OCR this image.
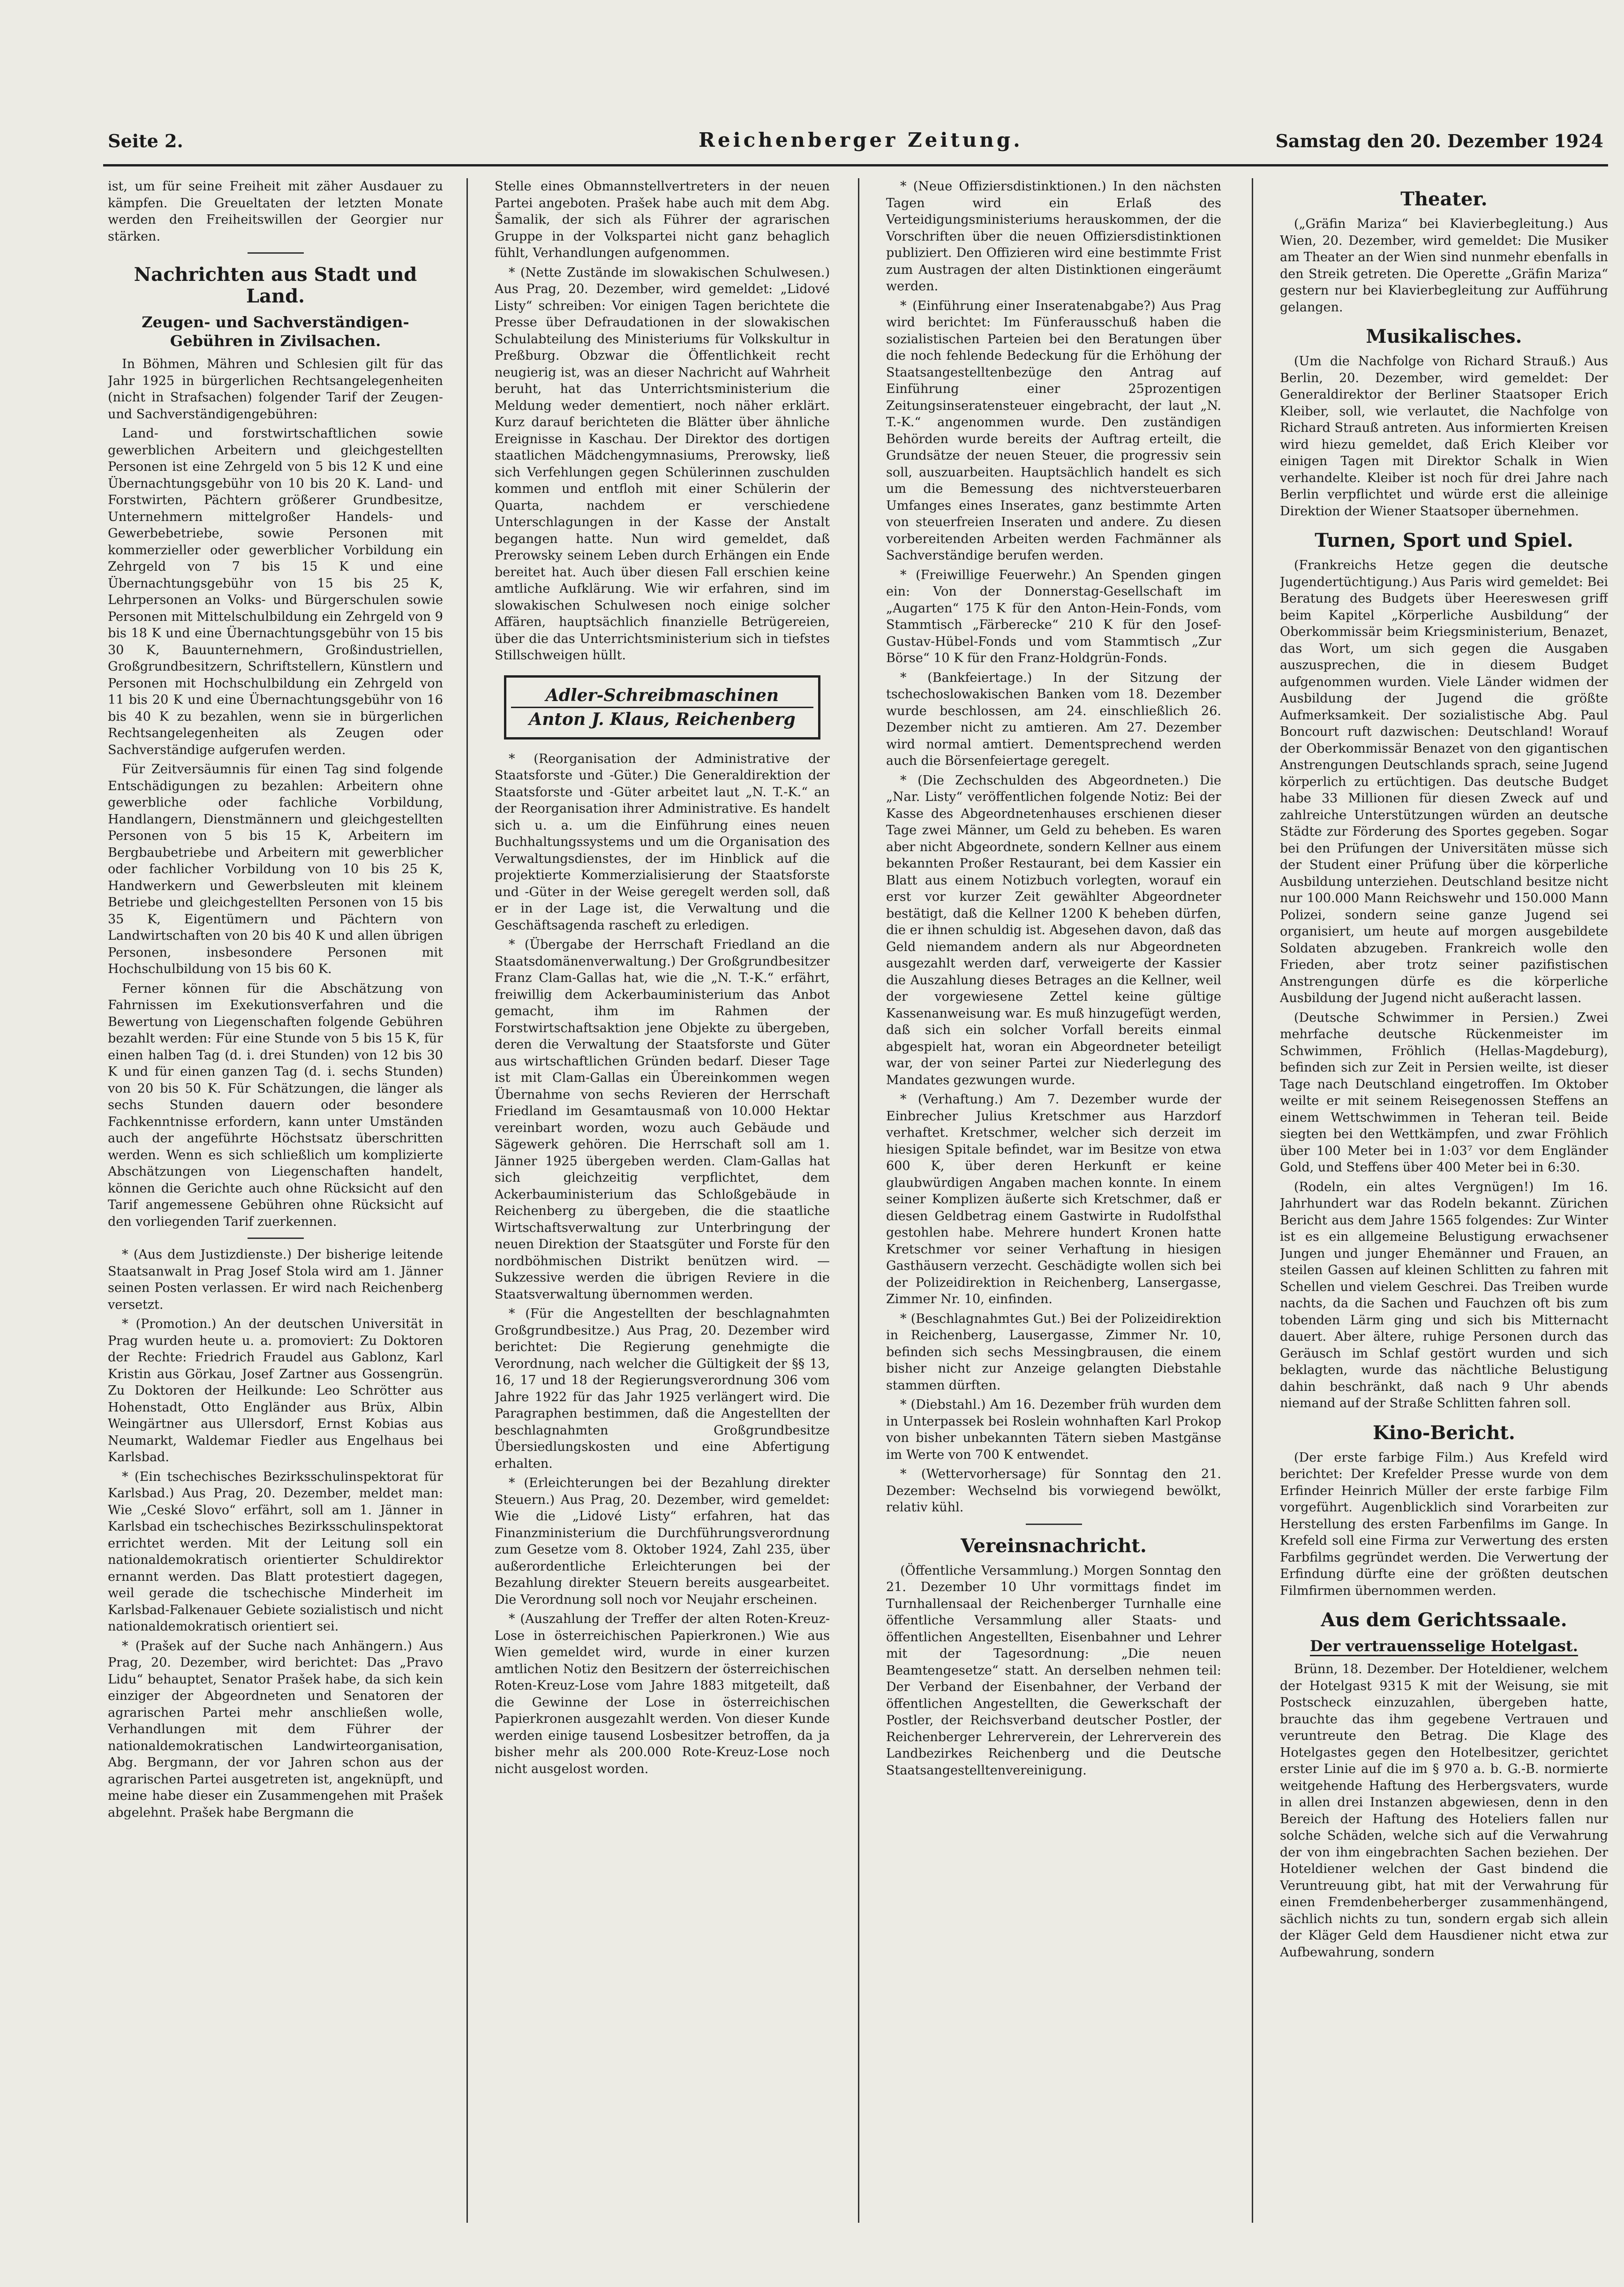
Seite 2.	Reichenberger Zeitung.	Samstag den 20. Dezember 1924

ist, um für seine Freiheit mit zäher Ausdauer zu kämpfen. Die Greueltaten der letzten Monate werden den Freiheitswillen der Georgier nur stärken.

Nachrichten aus Stadt und Land.
Zeugen- und Sachverständigen-Gebühren in Zivilsachen.

In Böhmen, Mähren und Schlesien gilt für das Jahr 1925 in bürgerlichen Rechtsangelegenheiten (nicht in Strafsachen) folgender Tarif der Zeugen- und Sachverständigengebühren:

Land- und forstwirtschaftlichen sowie gewerblichen Arbeitern und gleichgestellten Personen ist eine Zehrgeld von 5 bis 12 K und eine Übernachtungsgebühr von 10 bis 20 K. Land- und Forstwirten, Pächtern größerer Grundbesitze, Unternehmern mittelgroßer Handels- und Gewerbebetriebe, sowie Personen mit kommerzieller oder gewerblicher Vorbildung ein Zehrgeld von 7 bis 15 K und eine Übernachtungsgebühr von 15 bis 25 K, Lehrpersonen an Volks- und Bürgerschulen sowie Personen mit Mittelschulbildung ein Zehrgeld von 9 bis 18 K und eine Übernachtungsgebühr von 15 bis 30 K, Bauunternehmern, Großindustriellen, Großgrundbesitzern, Schriftstellern, Künstlern und Personen mit Hochschulbildung ein Zehrgeld von 11 bis 20 K und eine Übernachtungsgebühr von 16 bis 40 K zu bezahlen, wenn sie in bürgerlichen Rechtsangelegenheiten als Zeugen oder Sachverständige aufgerufen werden.

Für Zeitversäumnis für einen Tag sind folgende Entschädigungen zu bezahlen: Arbeitern ohne gewerbliche oder fachliche Vorbildung, Handlangern, Dienstmännern und gleichgestellten Personen von 5 bis 15 K, Arbeitern im Bergbaubetriebe und Arbeitern mit gewerblicher oder fachlicher Vorbildung von 10 bis 25 K, Handwerkern und Gewerbsleuten mit kleinem Betriebe und gleichgestellten Personen von 15 bis 35 K, Eigentümern und Pächtern von Landwirtschaften von 20 bis 40 K und allen übrigen Personen, insbesondere Personen mit Hochschulbildung von 15 bis 60 K.

Ferner können für die Abschätzung von Fahrnissen im Exekutionsverfahren und die Bewertung von Liegenschaften folgende Gebühren bezahlt werden: Für eine Stunde von 5 bis 15 K, für einen halben Tag (d. i. drei Stunden) von 12 bis 30 K und für einen ganzen Tag (d. i. sechs Stunden) von 20 bis 50 K. Für Schätzungen, die länger als sechs Stunden dauern oder besondere Fachkenntnisse erfordern, kann unter Umständen auch der angeführte Höchstsatz überschritten werden. Wenn es sich schließlich um komplizierte Abschätzungen von Liegenschaften handelt, können die Gerichte auch ohne Rücksicht auf den Tarif angemessene Gebühren ohne Rücksicht auf den vorliegenden Tarif zuerkennen.

* (Aus dem Justizdienste.) Der bisherige leitende Staatsanwalt in Prag Josef Stola wird am 1. Jänner seinen Posten verlassen. Er wird nach Reichenberg versetzt.

* (Promotion.) An der deutschen Universität in Prag wurden heute u. a. promoviert: Zu Doktoren der Rechte: Friedrich Fraudel aus Gablonz, Karl Kristin aus Görkau, Josef Zartner aus Gossengrün. Zu Doktoren der Heilkunde: Leo Schrötter aus Hohenstadt, Otto Engländer aus Brüx, Albin Weingärtner aus Ullersdorf, Ernst Kobias aus Neumarkt, Waldemar Fiedler aus Engelhaus bei Karlsbad.

* (Ein tschechisches Bezirksschulinspektorat für Karlsbad.) Aus Prag, 20. Dezember, meldet man: Wie „Ceské Slovo“ erfährt, soll am 1. Jänner in Karlsbad ein tschechisches Bezirksschulinspektorat errichtet werden. Mit der Leitung soll ein nationaldemokratisch orientierter Schuldirektor ernannt werden. Das Blatt protestiert dagegen, weil gerade die tschechische Minderheit im Karlsbad-Falkenauer Gebiete sozialistisch und nicht nationaldemokratisch orientiert sei.

* (Prašek auf der Suche nach Anhängern.) Aus Prag, 20. Dezember, wird berichtet: Das „Pravo Lidu“ behauptet, Senator Prašek habe, da sich kein einziger der Abgeordneten und Senatoren der agrarischen Partei mehr anschließen wolle, Verhandlungen mit dem Führer der nationaldemokratischen Landwirteorganisation, Abg. Bergmann, der vor Jahren schon aus der agrarischen Partei ausgetreten ist, angeknüpft, und meine habe dieser ein Zusammengehen mit Prašek abgelehnt. Prašek habe Bergmann die

Stelle eines Obmannstellvertreters in der neuen Partei angeboten. Prašek habe auch mit dem Abg. Šamalik, der sich als Führer der agrarischen Gruppe in der Volkspartei nicht ganz behaglich fühlt, Verhandlungen aufgenommen.

* (Nette Zustände im slowakischen Schulwesen.) Aus Prag, 20. Dezember, wird gemeldet: „Lidové Listy“ schreiben: Vor einigen Tagen berichtete die Presse über Defraudationen in der slowakischen Schulabteilung des Ministeriums für Volkskultur in Preßburg. Obzwar die Öffentlichkeit recht neugierig ist, was an dieser Nachricht auf Wahrheit beruht, hat das Unterrichtsministerium die Meldung weder dementiert, noch näher erklärt. Kurz darauf berichteten die Blätter über ähnliche Ereignisse in Kaschau. Der Direktor des dortigen staatlichen Mädchengymnasiums, Prerowsky, ließ sich Verfehlungen gegen Schülerinnen zuschulden kommen und entfloh mit einer Schülerin der Quarta, nachdem er verschiedene Unterschlagungen in der Kasse der Anstalt begangen hatte. Nun wird gemeldet, daß Prerowsky seinem Leben durch Erhängen ein Ende bereitet hat. Auch über diesen Fall erschien keine amtliche Aufklärung. Wie wir erfahren, sind im slowakischen Schulwesen noch einige solcher Affären, hauptsächlich finanzielle Betrügereien, über die das Unterrichtsministerium sich in tiefstes Stillschweigen hüllt.

Adler-Schreibmaschinen
Anton J. Klaus, Reichenberg

* (Reorganisation der Administrative der Staatsforste und -Güter.) Die Generaldirektion der Staatsforste und -Güter arbeitet laut „N. T.-K.“ an der Reorganisation ihrer Administrative. Es handelt sich u. a. um die Einführung eines neuen Buchhaltungssystems und um die Organisation des Verwaltungsdienstes, der im Hinblick auf die projektierte Kommerzialisierung der Staatsforste und -Güter in der Weise geregelt werden soll, daß er in der Lage ist, die Verwaltung und die Geschäftsagenda rascheft zu erledigen.

* (Übergabe der Herrschaft Friedland an die Staatsdomänenverwaltung.) Der Großgrundbesitzer Franz Clam-Gallas hat, wie die „N. T.-K.“ erfährt, freiwillig dem Ackerbauministerium das Anbot gemacht, ihm im Rahmen der Forstwirtschaftsaktion jene Objekte zu übergeben, deren die Verwaltung der Staatsforste und Güter aus wirtschaftlichen Gründen bedarf. Dieser Tage ist mit Clam-Gallas ein Übereinkommen wegen Übernahme von sechs Revieren der Herrschaft Friedland im Gesamtausmaß von 10.000 Hektar vereinbart worden, wozu auch Gebäude und Sägewerk gehören. Die Herrschaft soll am 1. Jänner 1925 übergeben werden. Clam-Gallas hat sich gleichzeitig verpflichtet, dem Ackerbauministerium das Schloßgebäude in Reichenberg zu übergeben, die die staatliche Wirtschaftsverwaltung zur Unterbringung der neuen Direktion der Staatsgüter und Forste für den nordböhmischen Distrikt benützen wird. — Sukzessive werden die übrigen Reviere in die Staatsverwaltung übernommen werden.

* (Für die Angestellten der beschlagnahmten Großgrundbesitze.) Aus Prag, 20. Dezember wird berichtet: Die Regierung genehmigte die Verordnung, nach welcher die Gültigkeit der §§ 13, 16, 17 und 18 der Regierungsverordnung 306 vom Jahre 1922 für das Jahr 1925 verlängert wird. Die Paragraphen bestimmen, daß die Angestellten der beschlagnahmten Großgrundbesitze Übersiedlungskosten und eine Abfertigung erhalten.

* (Erleichterungen bei der Bezahlung direkter Steuern.) Aus Prag, 20. Dezember, wird gemeldet: Wie die „Lidové Listy“ erfahren, hat das Finanzministerium die Durchführungsverordnung zum Gesetze vom 8. Oktober 1924, Zahl 235, über außerordentliche Erleichterungen bei der Bezahlung direkter Steuern bereits ausgearbeitet. Die Verordnung soll noch vor Neujahr erscheinen.

* (Auszahlung der Treffer der alten Roten-Kreuz-Lose in österreichischen Papierkronen.) Wie aus Wien gemeldet wird, wurde in einer kurzen amtlichen Notiz den Besitzern der österreichischen Roten-Kreuz-Lose vom Jahre 1883 mitgeteilt, daß die Gewinne der Lose in österreichischen Papierkronen ausgezahlt werden. Von dieser Kunde werden einige tausend Losbesitzer betroffen, da ja bisher mehr als 200.000 Rote-Kreuz-Lose noch nicht ausgelost worden.

* (Neue Offiziersdistinktionen.) In den nächsten Tagen wird ein Erlaß des Verteidigungsministeriums herauskommen, der die Vorschriften über die neuen Offiziersdistinktionen publiziert. Den Offizieren wird eine bestimmte Frist zum Austragen der alten Distinktionen eingeräumt werden.

* (Einführung einer Inseratenabgabe?) Aus Prag wird berichtet: Im Fünferausschuß haben die sozialistischen Parteien bei den Beratungen über die noch fehlende Bedeckung für die Erhöhung der Staatsangestelltenbezüge den Antrag auf Einführung einer 25prozentigen Zeitungsinseratensteuer eingebracht, der laut „N. T.-K.“ angenommen wurde. Den zuständigen Behörden wurde bereits der Auftrag erteilt, die Grundsätze der neuen Steuer, die progressiv sein soll, auszuarbeiten. Hauptsächlich handelt es sich um die Bemessung des nichtversteuerbaren Umfanges eines Inserates, ganz bestimmte Arten von steuerfreien Inseraten und andere. Zu diesen vorbereitenden Arbeiten werden Fachmänner als Sachverständige berufen werden.

* (Freiwillige Feuerwehr.) An Spenden gingen ein: Von der Donnerstag-Gesellschaft im „Augarten“ 175 K für den Anton-Hein-Fonds, vom Stammtisch „Färberecke“ 210 K für den Josef-Gustav-Hübel-Fonds und vom Stammtisch „Zur Börse“ 10 K für den Franz-Holdgrün-Fonds.

* (Bankfeiertage.) In der Sitzung der tschechoslowakischen Banken vom 18. Dezember wurde beschlossen, am 24. einschließlich 26. Dezember nicht zu amtieren. Am 27. Dezember wird normal amtiert. Dementsprechend werden auch die Börsenfeiertage geregelt.

* (Die Zechschulden des Abgeordneten.) Die „Nar. Listy“ veröffentlichen folgende Notiz: Bei der Kasse des Abgeordnetenhauses erschienen dieser Tage zwei Männer, um Geld zu beheben. Es waren aber nicht Abgeordnete, sondern Kellner aus einem bekannten Proßer Restaurant, bei dem Kassier ein Blatt aus einem Notizbuch vorlegten, worauf ein erst vor kurzer Zeit gewählter Abgeordneter bestätigt, daß die Kellner 1200 K beheben dürfen, die er ihnen schuldig ist. Abgesehen davon, daß das Geld niemandem andern als nur Abgeordneten ausgezahlt werden darf, verweigerte der Kassier die Auszahlung dieses Betrages an die Kellner, weil der vorgewiesene Zettel keine gültige Kassenanweisung war. Es muß hinzugefügt werden, daß sich ein solcher Vorfall bereits einmal abgespielt hat, woran ein Abgeordneter beteiligt war, der von seiner Partei zur Niederlegung des Mandates gezwungen wurde.

* (Verhaftung.) Am 7. Dezember wurde der Einbrecher Julius Kretschmer aus Harzdorf verhaftet. Kretschmer, welcher sich derzeit im hiesigen Spitale befindet, war im Besitze von etwa 600 K, über deren Herkunft er keine glaubwürdigen Angaben machen konnte. In einem seiner Komplizen äußerte sich Kretschmer, daß er diesen Geldbetrag einem Gastwirte in Rudolfsthal gestohlen habe. Mehrere hundert Kronen hatte Kretschmer vor seiner Verhaftung in hiesigen Gasthäusern verzecht. Geschädigte wollen sich bei der Polizeidirektion in Reichenberg, Lansergasse, Zimmer Nr. 10, einfinden.

* (Beschlagnahmtes Gut.) Bei der Polizeidirektion in Reichenberg, Lausergasse, Zimmer Nr. 10, befinden sich sechs Messingbrausen, die einem bisher nicht zur Anzeige gelangten Diebstahle stammen dürften.

* (Diebstahl.) Am 16. Dezember früh wurden dem in Unterpassek bei Roslein wohnhaften Karl Prokop von bisher unbekannten Tätern sieben Mastgänse im Werte von 700 K entwendet.

* (Wettervorhersage) für Sonntag den 21. Dezember: Wechselnd bis vorwiegend bewölkt, relativ kühl.

Vereinsnachricht.

(Öffentliche Versammlung.) Morgen Sonntag den 21. Dezember 10 Uhr vormittags findet im Turnhallensaal der Reichenberger Turnhalle eine öffentliche Versammlung aller Staats- und öffentlichen Angestellten, Eisenbahner und Lehrer mit der Tagesordnung: „Die neuen Beamtengesetze“ statt. An derselben nehmen teil: Der Verband der Eisenbahner, der Verband der öffentlichen Angestellten, die Gewerkschaft der Postler, der Reichsverband deutscher Postler, der Reichenberger Lehrerverein, der Lehrerverein des Landbezirkes Reichenberg und die Deutsche Staatsangestelltenvereinigung.

Theater.

(„Gräfin Mariza“ bei Klavierbegleitung.) Aus Wien, 20. Dezember, wird gemeldet: Die Musiker am Theater an der Wien sind nunmehr ebenfalls in den Streik getreten. Die Operette „Gräfin Mariza“ gestern nur bei Klavierbegleitung zur Aufführung gelangen.

Musikalisches.

(Um die Nachfolge von Richard Strauß.) Aus Berlin, 20. Dezember, wird gemeldet: Der Generaldirektor der Berliner Staatsoper Erich Kleiber, soll, wie verlautet, die Nachfolge von Richard Strauß antreten. Aus informierten Kreisen wird hiezu gemeldet, daß Erich Kleiber vor einigen Tagen mit Direktor Schalk in Wien verhandelte. Kleiber ist noch für drei Jahre nach Berlin verpflichtet und würde erst die alleinige Direktion der Wiener Staatsoper übernehmen.

Turnen, Sport und Spiel.

(Frankreichs Hetze gegen die deutsche Jugendertüchtigung.) Aus Paris wird gemeldet: Bei Beratung des Budgets über Heereswesen griff beim Kapitel „Körperliche Ausbildung“ der Oberkommissär beim Kriegsministerium, Benazet, das Wort, um sich gegen die Ausgaben auszusprechen, die in diesem Budget aufgenommen wurden. Viele Länder widmen der Ausbildung der Jugend die größte Aufmerksamkeit. Der sozialistische Abg. Paul Boncourt ruft dazwischen: Deutschland! Worauf der Oberkommissär Benazet von den gigantischen Anstrengungen Deutschlands sprach, seine Jugend körperlich zu ertüchtigen. Das deutsche Budget habe 33 Millionen für diesen Zweck auf und zahlreiche Unterstützungen würden an deutsche Städte zur Förderung des Sportes gegeben. Sogar bei den Prüfungen der Universitäten müsse sich der Student einer Prüfung über die körperliche Ausbildung unterziehen. Deutschland besitze nicht nur 100.000 Mann Reichswehr und 150.000 Mann Polizei, sondern seine ganze Jugend sei organisiert, um heute auf morgen ausgebildete Soldaten abzugeben. Frankreich wolle den Frieden, aber trotz seiner pazifistischen Anstrengungen dürfe es die körperliche Ausbildung der Jugend nicht außeracht lassen.

(Deutsche Schwimmer in Persien.) Zwei mehrfache deutsche Rückenmeister im Schwimmen, Fröhlich (Hellas-Magdeburg), befinden sich zur Zeit in Persien weilte, ist dieser Tage nach Deutschland eingetroffen. Im Oktober weilte er mit seinem Reisegenossen Steffens an einem Wettschwimmen in Teheran teil. Beide siegten bei den Wettkämpfen, und zwar Fröhlich über 100 Meter bei in 1:03⁷ vor dem Engländer Gold, und Steffens über 400 Meter bei in 6:30.

(Rodeln, ein altes Vergnügen!) Im 16. Jahrhundert war das Rodeln bekannt. Zürichen Bericht aus dem Jahre 1565 folgendes: Zur Winter ist es ein allgemeine Belustigung erwachsener Jungen und junger Ehemänner und Frauen, an steilen Gassen auf kleinen Schlitten zu fahren mit Schellen und vielem Geschrei. Das Treiben wurde nachts, da die Sachen und Fauchzen oft bis zum tobenden Lärm ging und sich bis Mitternacht dauert. Aber ältere, ruhige Personen durch das Geräusch im Schlaf gestört wurden und sich beklagten, wurde das nächtliche Belustigung dahin beschränkt, daß nach 9 Uhr abends niemand auf der Straße Schlitten fahren soll.

Kino-Bericht.

(Der erste farbige Film.) Aus Krefeld wird berichtet: Der Krefelder Presse wurde von dem Erfinder Heinrich Müller der erste farbige Film vorgeführt. Augenblicklich sind Vorarbeiten zur Herstellung des ersten Farbenfilms im Gange. In Krefeld soll eine Firma zur Verwertung des ersten Farbfilms gegründet werden. Die Verwertung der Erfindung dürfte eine der größten deutschen Filmfirmen übernommen werden.

Aus dem Gerichtssaale.
Der vertrauensselige Hotelgast.

Brünn, 18. Dezember. Der Hoteldiener, welchem der Hotelgast 9315 K mit der Weisung, sie mit Postscheck einzuzahlen, übergeben hatte, brauchte das ihm gegebene Vertrauen und veruntreute den Betrag. Die Klage des Hotelgastes gegen den Hotelbesitzer, gerichtet erster Linie auf die im § 970 a. b. G.-B. normierte weitgehende Haftung des Herbergsvaters, wurde in allen drei Instanzen abgewiesen, denn in den Bereich der Haftung des Hoteliers fallen nur solche Schäden, welche sich auf die Verwahrung der von ihm eingebrachten Sachen beziehen. Der Hoteldiener welchen der Gast bindend die Veruntreuung gibt, hat mit der Verwahrung für einen Fremdenbeherberger zusammenhängend, sächlich nichts zu tun, sondern ergab sich allein der Kläger Geld dem Hausdiener nicht etwa zur Aufbewahrung, sondern
